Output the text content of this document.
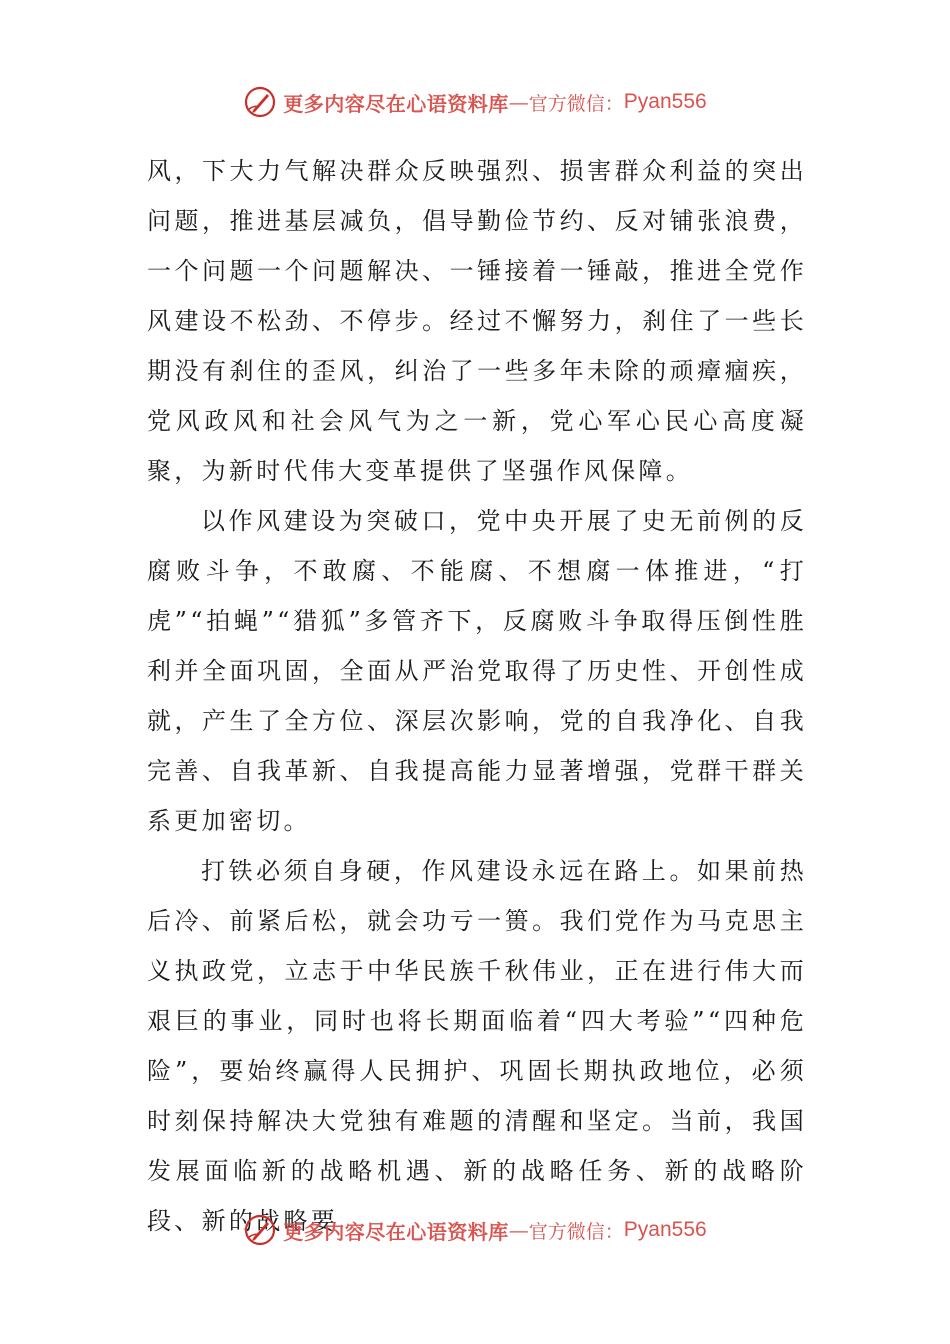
更多内容尽在心语资料库 — 官方微信： Pyan556

风，下大力气解决群众反映强烈、损害群众利益的突出问题，推进基层减负，倡导勤俭节约、反对铺张浪费，一个问题一个问题解决、一锤接着一锤敲，推进全党作风建设不松劲、不停步。经过不懈努力，刹住了一些长期没有刹住的歪风，纠治了一些多年未除的顽瘴痼疾，党风政风和社会风气为之一新，党心军心民心高度凝聚，为新时代伟大变革提供了坚强作风保障。

以作风建设为突破口，党中央开展了史无前例的反腐败斗争，不敢腐、不能腐、不想腐一体推进，“打虎”“拍蝇”“猎狐”多管齐下，反腐败斗争取得压倒性胜利并全面巩固，全面从严治党取得了历史性、开创性成就，产生了全方位、深层次影响，党的自我净化、自我完善、自我革新、自我提高能力显著增强，党群干群关系更加密切。

打铁必须自身硬，作风建设永远在路上。如果前热后冷、前紧后松，就会功亏一篑。我们党作为马克思主义执政党，立志于中华民族千秋伟业，正在进行伟大而艰巨的事业，同时也将长期面临着“四大考验”“四种危险”，要始终赢得人民拥护、巩固长期执政地位，必须时刻保持解决大党独有难题的清醒和坚定。当前，我国发展面临新的战略机遇、新的战略任务、新的战略阶段、新的战略要

更多内容尽在心语资料库 — 官方微信： Pyan556
